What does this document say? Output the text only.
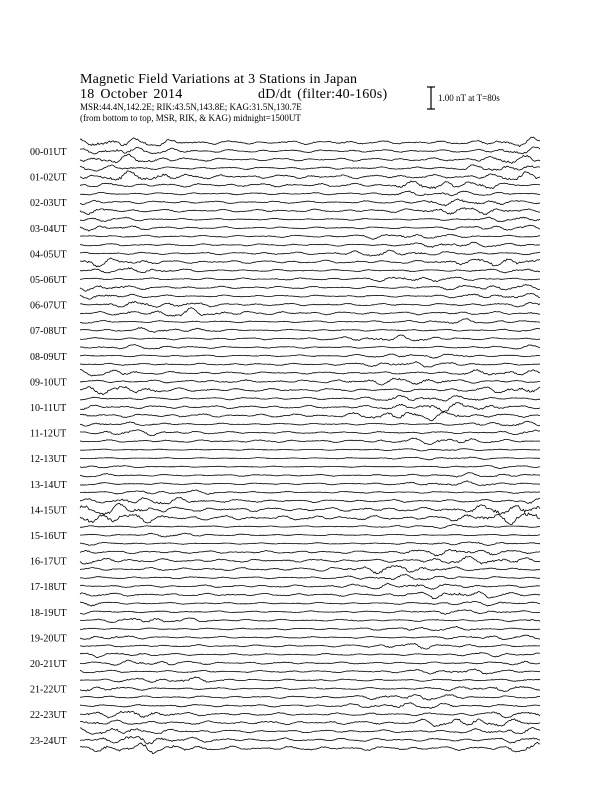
Magnetic Field Variations at 3 Stations in Japan
18 October 2014	dD/dt (filter:40-160s)
MSR:44.4N,142.2E; RIK:43.5N,143.8E; KAG:31.5N,130.7E
(from bottom to top, MSR, RIK, & KAG) midnight=1500UT
1.00 nT at T=80s
00-01UT
01-02UT
02-03UT
03-04UT
04-05UT
05-06UT
06-07UT
07-08UT
08-09UT
09-10UT
10-11UT
11-12UT
12-13UT
13-14UT
14-15UT
15-16UT
16-17UT
17-18UT
18-19UT
19-20UT
20-21UT
21-22UT
22-23UT
23-24UT
